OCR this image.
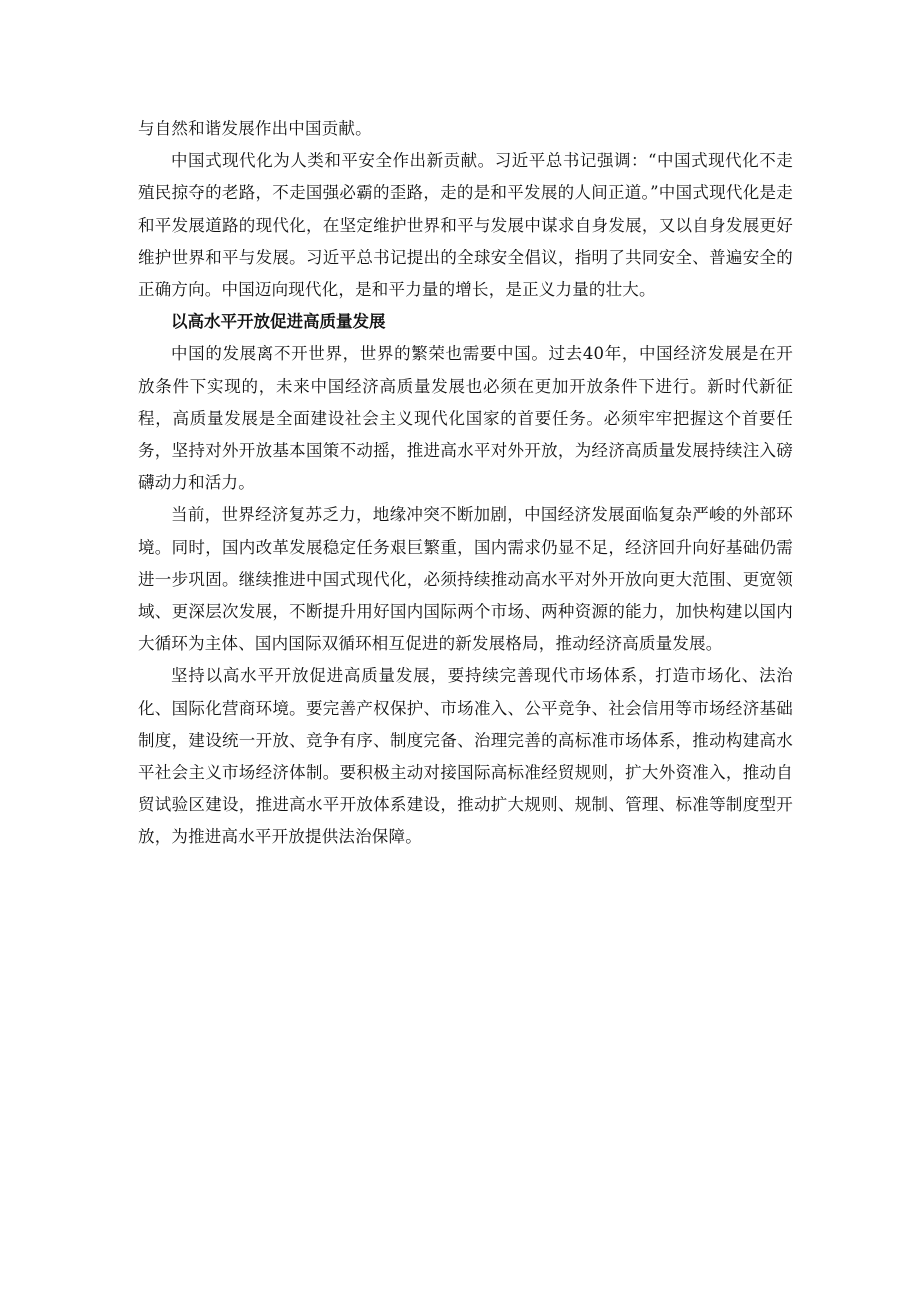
与自然和谐发展作出中国贡献。

中国式现代化为人类和平安全作出新贡献。习近平总书记强调：“中国式现代化不走殖民掠夺的老路，不走国强必霸的歪路，走的是和平发展的人间正道。”中国式现代化是走和平发展道路的现代化，在坚定维护世界和平与发展中谋求自身发展，又以自身发展更好维护世界和平与发展。习近平总书记提出的全球安全倡议，指明了共同安全、普遍安全的正确方向。中国迈向现代化，是和平力量的增长，是正义力量的壮大。

以高水平开放促进高质量发展

中国的发展离不开世界，世界的繁荣也需要中国。过去40年，中国经济发展是在开放条件下实现的，未来中国经济高质量发展也必须在更加开放条件下进行。新时代新征程，高质量发展是全面建设社会主义现代化国家的首要任务。必须牢牢把握这个首要任务，坚持对外开放基本国策不动摇，推进高水平对外开放，为经济高质量发展持续注入磅礴动力和活力。

当前，世界经济复苏乏力，地缘冲突不断加剧，中国经济发展面临复杂严峻的外部环境。同时，国内改革发展稳定任务艰巨繁重，国内需求仍显不足，经济回升向好基础仍需进一步巩固。继续推进中国式现代化，必须持续推动高水平对外开放向更大范围、更宽领域、更深层次发展，不断提升用好国内国际两个市场、两种资源的能力，加快构建以国内大循环为主体、国内国际双循环相互促进的新发展格局，推动经济高质量发展。

坚持以高水平开放促进高质量发展，要持续完善现代市场体系，打造市场化、法治化、国际化营商环境。要完善产权保护、市场准入、公平竞争、社会信用等市场经济基础制度，建设统一开放、竞争有序、制度完备、治理完善的高标准市场体系，推动构建高水平社会主义市场经济体制。要积极主动对接国际高标准经贸规则，扩大外资准入，推动自贸试验区建设，推进高水平开放体系建设，推动扩大规则、规制、管理、标准等制度型开放，为推进高水平开放提供法治保障。
